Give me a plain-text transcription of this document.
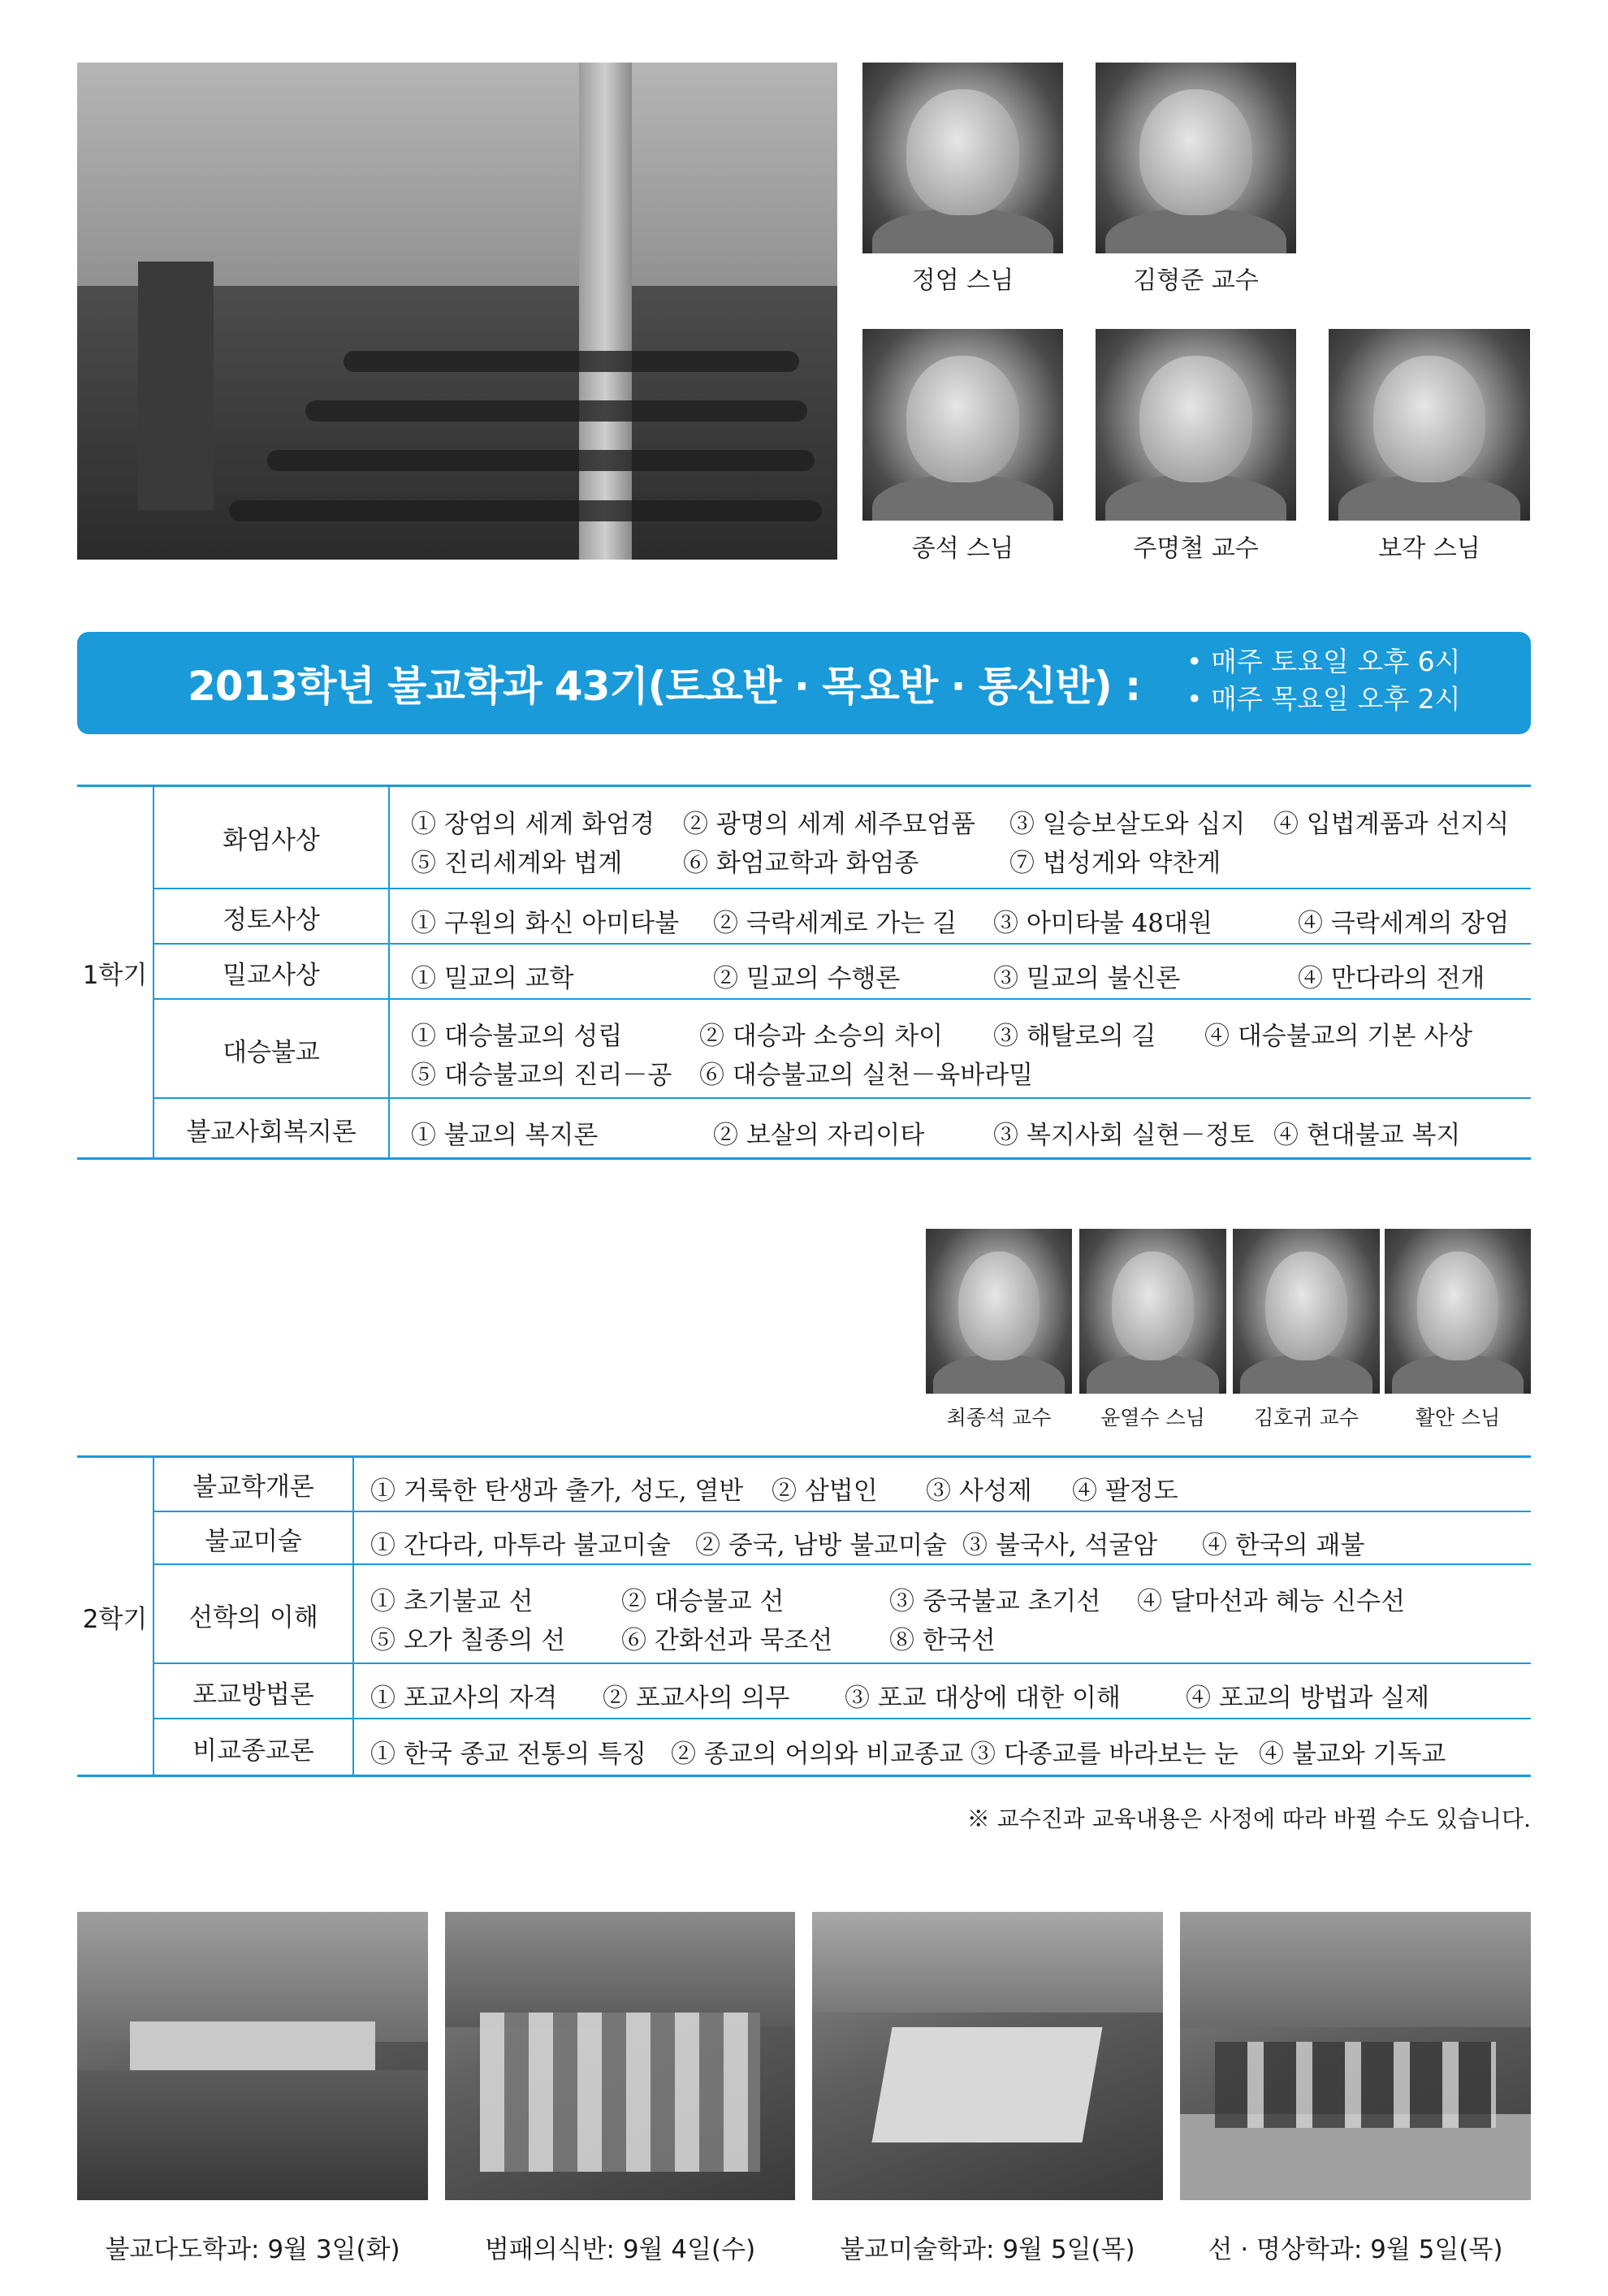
정엄 스님	김형준 교수
종석 스님	주명철 교수	보각 스님
2013학년 불교학과 43기(토요반 · 목요반 · 통신반) :
• 매주 토요일 오후 6시
• 매주 목요일 오후 2시
1학기
화엄사상
① 장엄의 세계 화엄경 ② 광명의 세계 세주묘엄품 ③ 일승보살도와 십지 ④ 입법계품과 선지식
⑤ 진리세계와 법계 ⑥ 화엄교학과 화엄종	⑦ 법성게와 약찬게
정토사상	① 구원의 화신 아미타불 ② 극락세계로 가는 길 ③ 아미타불 48대원	④ 극락세계의 장엄
밀교사상	① 밀교의 교학	② 밀교의 수행론	③ 밀교의 불신론	④ 만다라의 전개
대승불교
① 대승불교의 성립	② 대승과 소승의 차이 ③ 해탈로의 길 ④ 대승불교의 기본 사상
⑤ 대승불교의 진리－공 ⑥ 대승불교의 실천－육바라밀
불교사회복지론	① 불교의 복지론	② 보살의 자리이타	③ 복지사회 실현－정토 ④ 현대불교 복지
최종석 교수	윤열수 스님	김호귀 교수	활안 스님
2학기
불교학개론	① 거룩한 탄생과 출가, 성도, 열반 ② 삼법인 ③ 사성제 ④ 팔정도
불교미술	① 간다라, 마투라 불교미술 ② 중국, 남방 불교미술 ③ 불국사, 석굴암 ④ 한국의 괘불
선학의 이해
① 초기불교 선	② 대승불교 선	③ 중국불교 초기선 ④ 달마선과 혜능 신수선
⑤ 오가 칠종의 선 ⑥ 간화선과 묵조선 ⑧ 한국선
포교방법론	① 포교사의 자격 ② 포교사의 의무 ③ 포교 대상에 대한 이해	④ 포교의 방법과 실제
비교종교론	① 한국 종교 전통의 특징 ② 종교의 어의와 비교종교 ③ 다종교를 바라보는 눈 ④ 불교와 기독교
※ 교수진과 교육내용은 사정에 따라 바뀔 수도 있습니다.
불교다도학과: 9월 3일(화)	범패의식반: 9월 4일(수)	불교미술학과: 9월 5일(목)	선 · 명상학과: 9월 5일(목)
